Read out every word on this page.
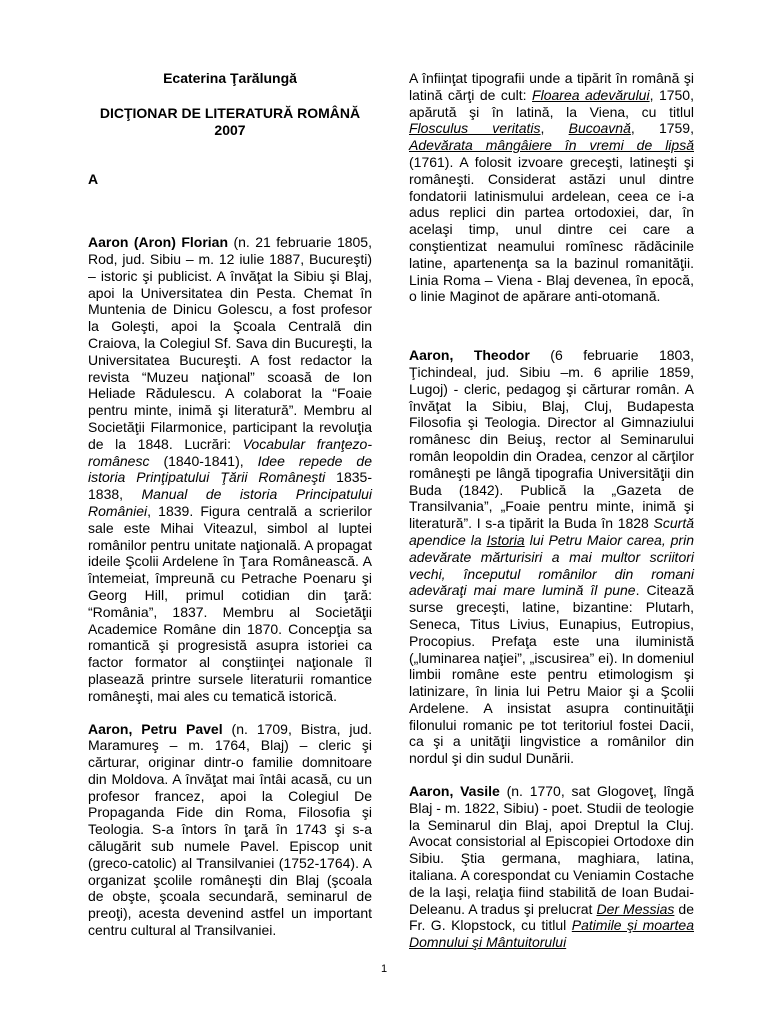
Ecaterina Ţarălungă

DICŢIONAR DE LITERATURĂ ROMÂNĂ
2007

A

Aaron (Aron) Florian (n. 21 februarie 1805, Rod, jud. Sibiu – m. 12 iulie 1887, Bucureşti) – istoric şi publicist. A învăţat la Sibiu şi Blaj, apoi la Universitatea din Pesta. Chemat în Muntenia de Dinicu Golescu, a fost profesor la Goleşti, apoi la Şcoala Centrală din Craiova, la Colegiul Sf. Sava din Bucureşti, la Universitatea Bucureşti. A fost redactor la revista “Muzeu naţional” scoasă de Ion Heliade Rădulescu. A colaborat la “Foaie pentru minte, inimă şi literatură”. Membru al Societăţii Filarmonice, participant la revoluţia de la 1848. Lucrări: Vocabular franţezo-românesc (1840-1841), Idee repede de istoria Prinţipatului Ţării Româneşti 1835-1838, Manual de istoria Principatului României, 1839. Figura centrală a scrierilor sale este Mihai Viteazul, simbol al luptei românilor pentru unitate naţională. A propagat ideile Şcolii Ardelene în Ţara Românească. A întemeiat, împreună cu Petrache Poenaru şi Georg Hill, primul cotidian din ţară: “România”, 1837. Membru al Societăţii Academice Române din 1870. Concepţia sa romantică şi progresistă asupra istoriei ca factor formator al conştiinţei naţionale îl plasează printre sursele literaturii romantice româneşti, mai ales cu tematică istorică.

Aaron, Petru Pavel (n. 1709, Bistra, jud. Maramureş – m. 1764, Blaj) – cleric şi cărturar, originar dintr-o familie domnitoare din Moldova. A învăţat mai întâi acasă, cu un profesor francez, apoi la Colegiul De Propaganda Fide din Roma, Filosofia şi Teologia. S-a întors în ţară în 1743 şi s-a călugărit sub numele Pavel. Episcop unit (greco-catolic) al Transilvaniei (1752-1764). A organizat şcolile româneşti din Blaj (şcoala de obşte, şcoala secundară, seminarul de preoţi), acesta devenind astfel un important centru cultural al Transilvaniei.

A înfiinţat tipografii unde a tipărit în română şi latină cărţi de cult: Floarea adevărului, 1750, apărută şi în latină, la Viena, cu titlul Flosculus veritatis, Bucoavnă, 1759, Adevărata mângâiere în vremi de lipsă (1761). A folosit izvoare greceşti, latineşti şi româneşti. Considerat astăzi unul dintre fondatorii latinismului ardelean, ceea ce i-a adus replici din partea ortodoxiei, dar, în acelaşi timp, unul dintre cei care a conştientizat neamului romînesc rădăcinile latine, apartenenţa sa la bazinul romanităţii. Linia Roma – Viena - Blaj devenea, în epocă, o linie Maginot de apărare anti-otomană.

Aaron, Theodor (6 februarie 1803, Ţichindeal, jud. Sibiu –m. 6 aprilie 1859, Lugoj) - cleric, pedagog şi cărturar român. A învăţat la Sibiu, Blaj, Cluj, Budapesta Filosofia şi Teologia. Director al Gimnaziului românesc din Beiuş, rector al Seminarului român leopoldin din Oradea, cenzor al cărţilor româneşti pe lângă tipografia Universităţii din Buda (1842). Publică la „Gazeta de Transilvania”, „Foaie pentru minte, inimă şi literatură”. I s-a tipărit la Buda în 1828 Scurtă apendice la Istoria lui Petru Maior carea, prin adevărate mărturisiri a mai multor scriitori vechi, începutul românilor din romani adevăraţi mai mare lumină îl pune. Citează surse greceşti, latine, bizantine: Plutarh, Seneca, Titus Livius, Eunapius, Eutropius, Procopius. Prefaţa este una iluministă („luminarea naţiei”, „iscusirea” ei). In domeniul limbii române este pentru etimologism şi latinizare, în linia lui Petru Maior şi a Şcolii Ardelene. A insistat asupra continuităţii filonului romanic pe tot teritoriul fostei Dacii, ca şi a unităţii lingvistice a românilor din nordul şi din sudul Dunării.

Aaron, Vasile (n. 1770, sat Glogoveţ, lîngă Blaj - m. 1822, Sibiu) - poet. Studii de teologie la Seminarul din Blaj, apoi Dreptul la Cluj. Avocat consistorial al Episcopiei Ortodoxe din Sibiu. Ştia germana, maghiara, latina, italiana. A corespondat cu Veniamin Costache de la Iaşi, relaţia fiind stabilită de Ioan Budai-Deleanu. A tradus şi prelucrat Der Messias de Fr. G. Klopstock, cu titlul Patimile şi moartea Domnului şi Mântuitorului

1
